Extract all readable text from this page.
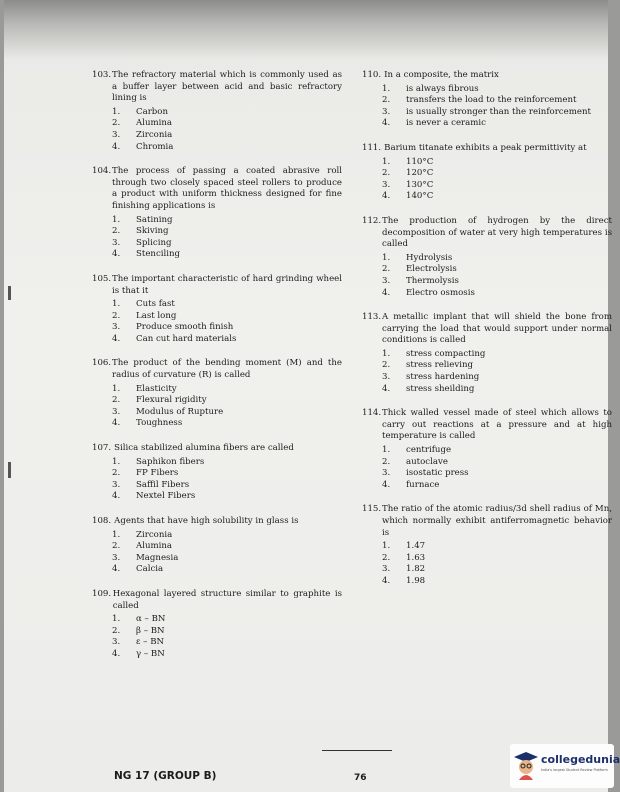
103. The refractory material which is commonly used as a buffer layer between acid and basic refractory lining is
1.	Carbon
2.	Alumina
3.	Zirconia
4.	Chromia
104. The process of passing a coated abrasive roll through two closely spaced steel rollers to produce a product with uniform thickness designed for fine finishing applications is
1.	Satining
2.	Skiving
3.	Splicing
4.	Stenciling
105. The important characteristic of hard grinding wheel is that it
1.	Cuts fast
2.	Last long
3.	Produce smooth finish
4.	Can cut hard materials
106. The product of the bending moment (M) and the radius of curvature (R) is called
1.	Elasticity
2.	Flexural rigidity
3.	Modulus of Rupture
4.	Toughness
107. Silica stabilized alumina fibers are called
1.	Saphikon fibers
2.	FP Fibers
3.	Saffil Fibers
4.	Nextel Fibers
108. Agents that have high solubility in glass is
1.	Zirconia
2.	Alumina
3.	Magnesia
4.	Calcia
109. Hexagonal layered structure similar to graphite is called
1.	α – BN
2.	β – BN
3.	ε – BN
4.	γ – BN
110. In a composite, the matrix
1.	is always fibrous
2.	transfers the load to the reinforcement
3.	is usually stronger than the reinforcement
4.	is never a ceramic
111. Barium titanate exhibits a peak permittivity at
1.	110°C
2.	120°C
3.	130°C
4.	140°C
112. The production of hydrogen by the direct decomposition of water at very high temperatures is called
1.	Hydrolysis
2.	Electrolysis
3.	Thermolysis
4.	Electro osmosis
113. A metallic implant that will shield the bone from carrying the load that would support under normal conditions is called
1.	stress compacting
2.	stress relieving
3.	stress hardening
4.	stress sheilding
114. Thick walled vessel made of steel which allows to carry out reactions at a pressure and at high temperature is called
1.	centrifuge
2.	autoclave
3.	isostatic press
4.	furnace
115. The ratio of the atomic radius/3d shell radius of Mn, which normally exhibit antiferromagnetic behavior is
1.	1.47
2.	1.63
3.	1.82
4.	1.98
NG 17 (GROUP B)	76
collegedunia
India's largest Student Review Platform
